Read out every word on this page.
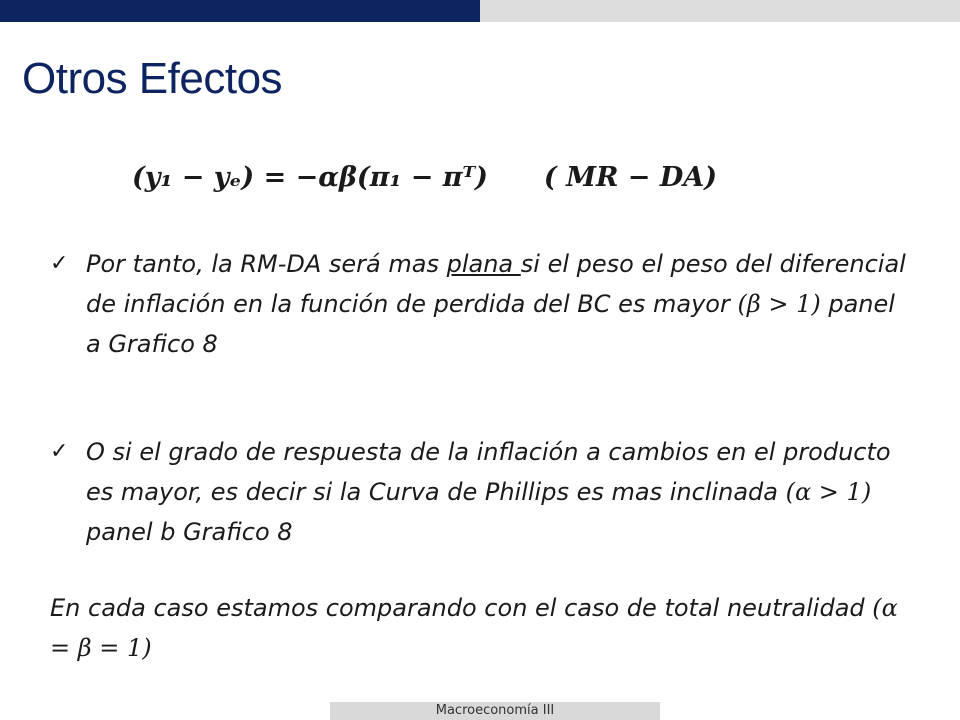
Otros Efectos
(𝒚₁ − 𝒚ₑ) = −𝜶𝜷(𝝅₁ − 𝝅ᵀ) ( 𝑴𝑹 − 𝑫𝑨)
✓ Por tanto, la RM-DA será mas plana si el peso el peso del diferencial de inflación en la función de perdida del BC es mayor (β > 1) panel a Grafico 8
✓ O si el grado de respuesta de la inflación a cambios en el producto es mayor, es decir si la Curva de Phillips es mas inclinada (α > 1) panel b Grafico 8
En cada caso estamos comparando con el caso de total neutralidad (α = β = 1)
Macroeconomía III
